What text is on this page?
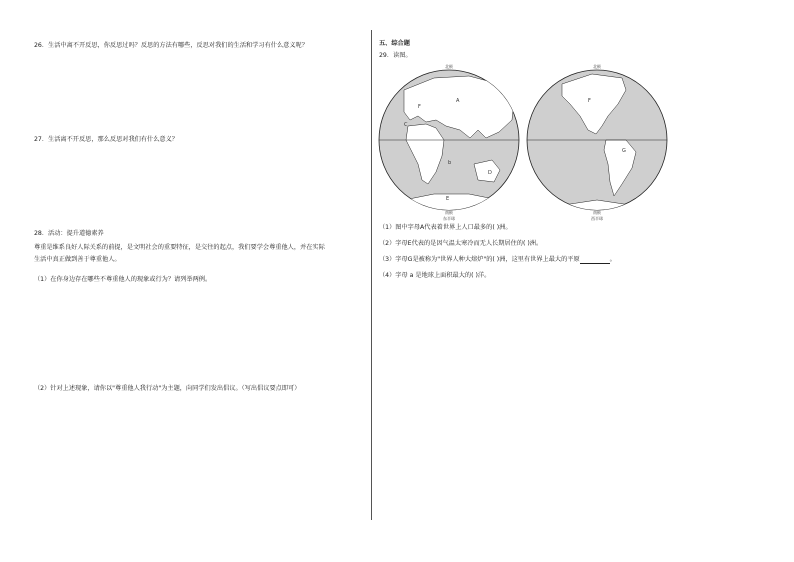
26．生活中离不开反思，你反思过吗？反思的方法有哪些，反思对我们的生活和学习有什么意义呢？
27．生活离不开反思，那么反思对我们有什么意义？
28．活动：提升道德素养
尊重是维系良好人际关系的前提，是文明社会的重要特征，是交往的起点，我们要学会尊重他人，并在实际
生活中真正做到善于尊重他人。
（1）在你身边存在哪些不尊重他人的现象或行为？请列举两例。
（2）针对上述现象，请你以"尊重他人我行动"为主题，向同学们发出倡议。（写出倡议要点即可）
五、综合题
29．读图。
北极
A
C
F
b
D
E
南极
东半球
北极
F
G
南极
西半球
（1）图中字母A代表着世界上人口最多的( )洲。
（2）字母E代表的是因气温太寒冷而无人长期居住的( )洲。
（3）字母G是被称为"世界人种大熔炉"的( )洲，这里有世界上最大的平原	。
（4）字母 a 是地球上面积最大的( )洋。
